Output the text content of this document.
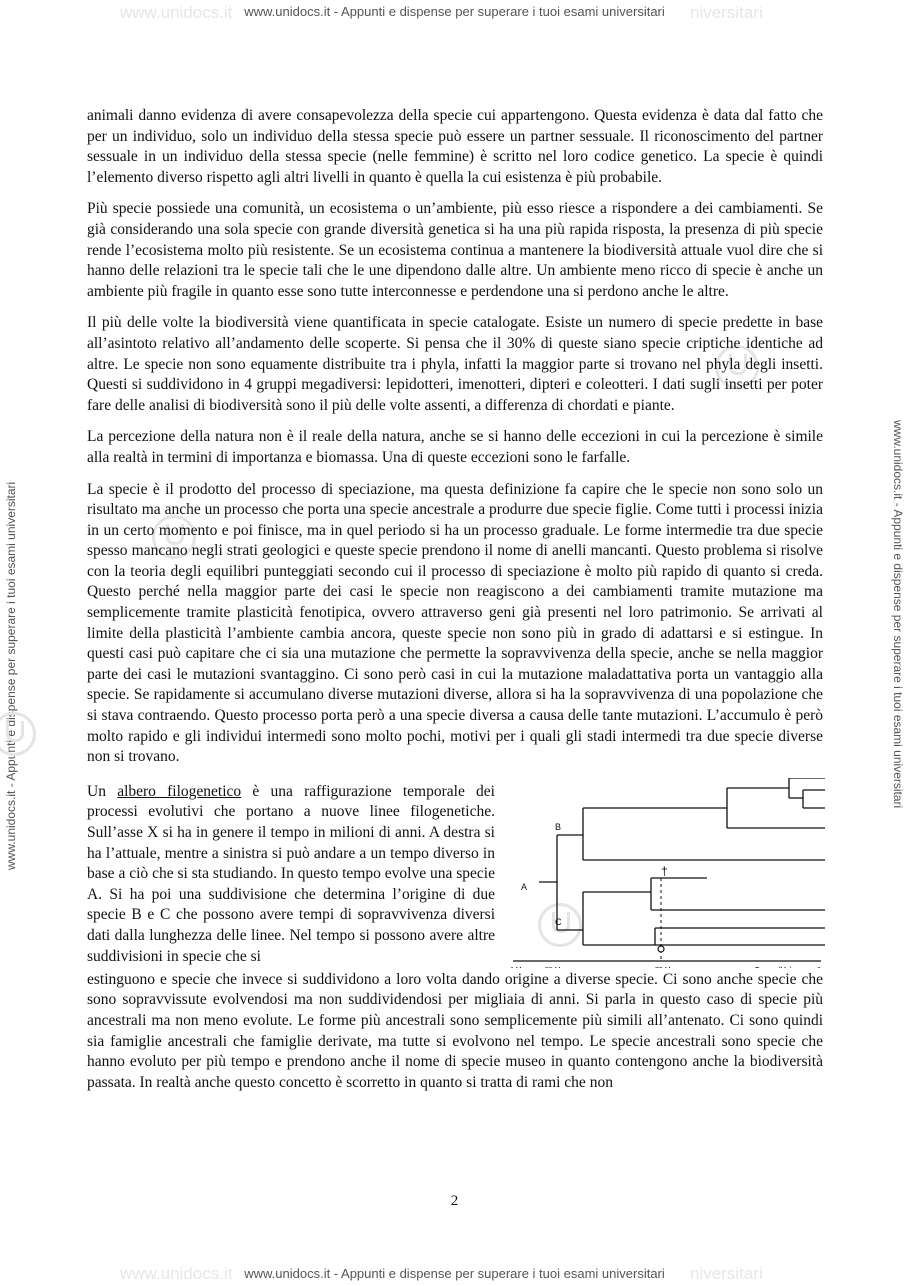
www.unidocs.it	niversitari
www.unidocs.it - Appunti e dispense per superare i tuoi esami universitari
www.unidocs.it	niversitari
www.unidocs.it - Appunti e dispense per superare i tuoi esami universitari
www.unidocs.it - Appunti e dispense per superare i tuoi esami universitari	www.unidocs.it - Appunti e dispense per superare i tuoi esami universitari

animali danno evidenza di avere consapevolezza della specie cui appartengono. Questa evidenza è data dal fatto che per un individuo, solo un individuo della stessa specie può essere un partner sessuale. Il riconoscimento del partner sessuale in un individuo della stessa specie (nelle femmine) è scritto nel loro codice genetico. La specie è quindi l’elemento diverso rispetto agli altri livelli in quanto è quella la cui esistenza è più probabile.

Più specie possiede una comunità, un ecosistema o un’ambiente, più esso riesce a rispondere a dei cambiamenti. Se già considerando una sola specie con grande diversità genetica si ha una più rapida risposta, la presenza di più specie rende l’ecosistema molto più resistente. Se un ecosistema continua a mantenere la biodiversità attuale vuol dire che si hanno delle relazioni tra le specie tali che le une dipendono dalle altre. Un ambiente meno ricco di specie è anche un ambiente più fragile in quanto esse sono tutte interconnesse e perdendone una si perdono anche le altre.

Il più delle volte la biodiversità viene quantificata in specie catalogate. Esiste un numero di specie predette in base all’asintoto relativo all’andamento delle scoperte. Si pensa che il 30% di queste siano specie criptiche identiche ad altre. Le specie non sono equamente distribuite tra i phyla, infatti la maggior parte si trovano nel phyla degli insetti. Questi si suddividono in 4 gruppi megadiversi: lepidotteri, imenotteri, dipteri e coleotteri. I dati sugli insetti per poter fare delle analisi di biodiversità sono il più delle volte assenti, a differenza di chordati e piante.

La percezione della natura non è il reale della natura, anche se si hanno delle eccezioni in cui la percezione è simile alla realtà in termini di importanza e biomassa. Una di queste eccezioni sono le farfalle.

La specie è il prodotto del processo di speciazione, ma questa definizione fa capire che le specie non sono solo un risultato ma anche un processo che porta una specie ancestrale a produrre due specie figlie. Come tutti i processi inizia in un certo momento e poi finisce, ma in quel periodo si ha un processo graduale. Le forme intermedie tra due specie spesso mancano negli strati geologici e queste specie prendono il nome di anelli mancanti. Questo problema si risolve con la teoria degli equilibri punteggiati secondo cui il processo di speciazione è molto più rapido di quanto si creda. Questo perché nella maggior parte dei casi le specie non reagiscono a dei cambiamenti tramite mutazione ma semplicemente tramite plasticità fenotipica, ovvero attraverso geni già presenti nel loro patrimonio. Se arrivati al limite della plasticità l’ambiente cambia ancora, queste specie non sono più in grado di adattarsi e si estingue. In questi casi può capitare che ci sia una mutazione che permette la sopravvivenza della specie, anche se nella maggior parte dei casi le mutazioni svantaggino. Ci sono però casi in cui la mutazione maladattativa porta un vantaggio alla specie. Se rapidamente si accumulano diverse mutazioni diverse, allora si ha la sopravvivenza di una popolazione che si stava contraendo. Questo processo porta però a una specie diversa a causa delle tante mutazioni. L’accumulo è però molto rapido e gli individui intermedi sono molto pochi, motivi per i quali gli stadi intermedi tra due specie diverse non si trovano.

Un albero filogenetico è una raffigurazione temporale dei processi evolutivi che portano a nuove linee filogenetiche. Sull’asse X si ha in genere il tempo in milioni di anni. A destra si ha l’attuale, mentre a sinistra si può andare a un tempo diverso in base a ciò che si sta studiando. In questo tempo evolve una specie A. Si ha poi una suddivisione che determina l’origine di due specie B e C che possono avere tempi di sopravvivenza diversi dati dalla lunghezza delle linee. Nel tempo si possono avere altre suddivisioni in specie che si

A
B
C
†

estinguono e specie che invece si suddividono a loro volta dando origine a diverse specie. Ci sono anche specie che sono sopravvissute evolvendosi ma non suddividendosi per migliaia di anni. Si parla in questo caso di specie più ancestrali ma non meno evolute. Le forme più ancestrali sono semplicemente più simili all’antenato. Ci sono quindi sia famiglie ancestrali che famiglie derivate, ma tutte si evolvono nel tempo. Le specie ancestrali sono specie che hanno evoluto per più tempo e prendono anche il nome di specie museo in quanto contengono anche la biodiversità passata. In realtà anche questo concetto è scorretto in quanto si tratta di rami che non

2
